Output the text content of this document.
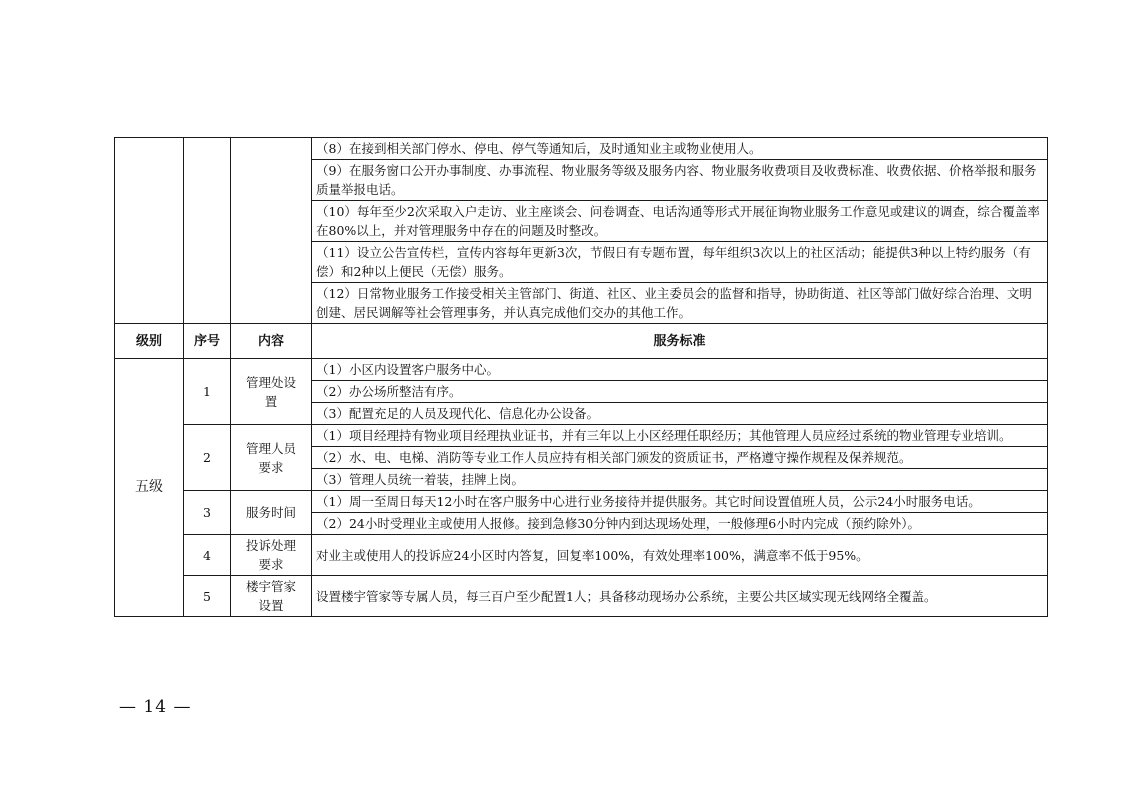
			（8）在接到相关部门停水、停电、停气等通知后，及时通知业主或物业使用人。
			（9）在服务窗口公开办事制度、办事流程、物业服务等级及服务内容、物业服务收费项目及收费标准、收费依据、价格举报和服务质量举报电话。
			（10）每年至少2次采取入户走访、业主座谈会、问卷调查、电话沟通等形式开展征询物业服务工作意见或建议的调查，综合覆盖率在80%以上，并对管理服务中存在的问题及时整改。
			（11）设立公告宣传栏，宣传内容每年更新3次，节假日有专题布置，每年组织3次以上的社区活动；能提供3种以上特约服务（有偿）和2种以上便民（无偿）服务。
			（12）日常物业服务工作接受相关主管部门、街道、社区、业主委员会的监督和指导，协助街道、社区等部门做好综合治理、文明创建、居民调解等社会管理事务，并认真完成他们交办的其他工作。
级别	序号	内容	服务标准
五级	1	管理处设置	（1）小区内设置客户服务中心。
			（2）办公场所整洁有序。
			（3）配置充足的人员及现代化、信息化办公设备。
	2	管理人员要求	（1）项目经理持有物业项目经理执业证书，并有三年以上小区经理任职经历；其他管理人员应经过系统的物业管理专业培训。
			（2）水、电、电梯、消防等专业工作人员应持有相关部门颁发的资质证书，严格遵守操作规程及保养规范。
			（3）管理人员统一着装，挂牌上岗。
	3	服务时间	（1）周一至周日每天12小时在客户服务中心进行业务接待并提供服务。其它时间设置值班人员，公示24小时服务电话。
			（2）24小时受理业主或使用人报修。接到急修30分钟内到达现场处理，一般修理6小时内完成（预约除外）。
	4	投诉处理要求	对业主或使用人的投诉应24小区时内答复，回复率100%，有效处理率100%，满意率不低于95%。
	5	楼宇管家设置	设置楼宇管家等专属人员，每三百户至少配置1人；具备移动现场办公系统，主要公共区域实现无线网络全覆盖。
— 14 —
